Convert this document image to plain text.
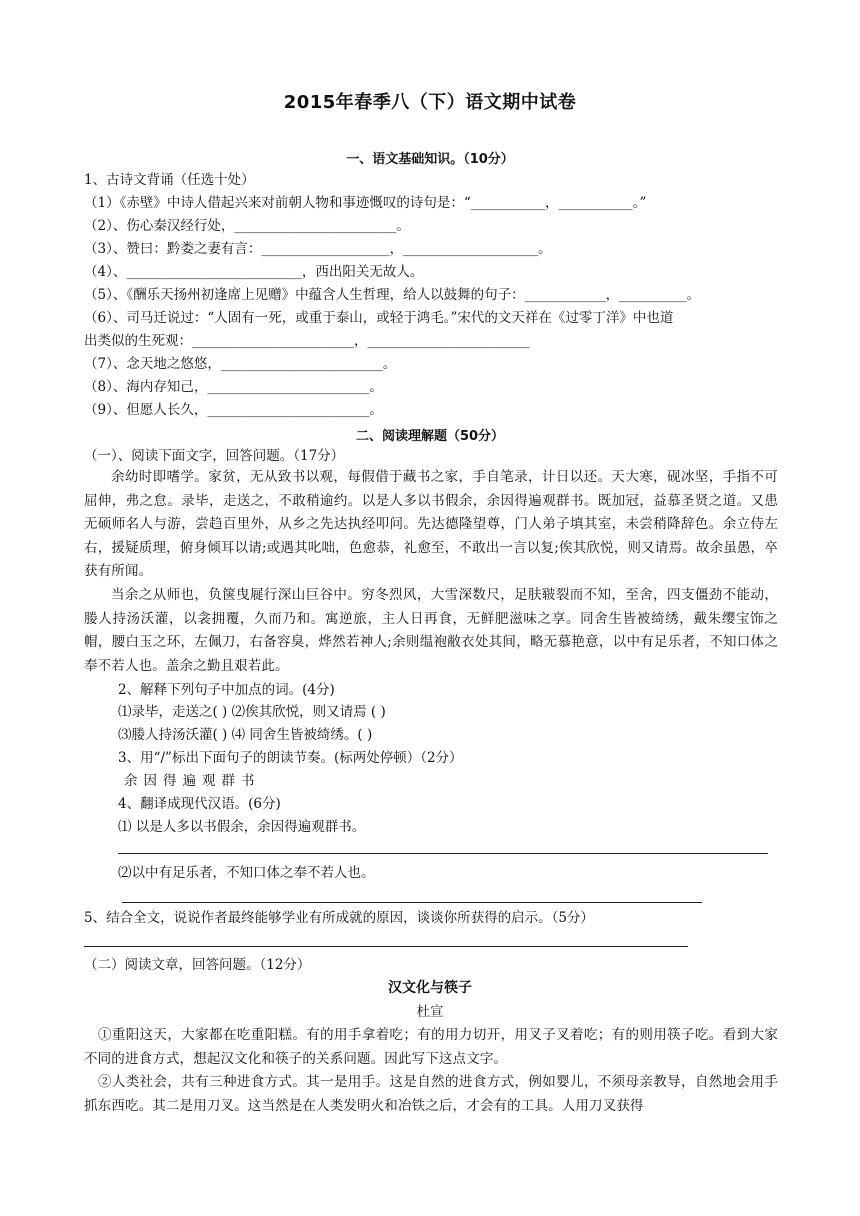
2015年春季八（下）语文期中试卷
一、语文基础知识。（10分）
1、古诗文背诵（任选十处）
（1）《赤壁》中诗人借起兴来对前朝人物和事迹慨叹的诗句是：“___________，___________。”
（2）、伤心秦汉经行处，________________________。
（3）、赞曰：黔娄之妻有言：___________________，____________________。
（4）、__________________________，西出阳关无故人。
（5）、《酬乐天扬州初逢席上见赠》中蕴含人生哲理，给人以鼓舞的句子：____________，__________。
（6）、司马迁说过：“人固有一死，或重于泰山，或轻于鸿毛。”宋代的文天祥在《过零丁洋》中也道
出类似的生死观：________________________，________________________
（7）、念天地之悠悠，________________________。
（8）、海内存知己，________________________。
（9）、但愿人长久，________________________。
二、阅读理解题（50分）
（一）、阅读下面文字，回答问题。（17分）
余幼时即嗜学。家贫，无从致书以观，每假借于藏书之家，手自笔录，计日以还。天大寒，砚冰坚，手指不可屈伸，弗之怠。录毕，走送之，不敢稍逾约。以是人多以书假余，余因得遍观群书。既加冠，益慕圣贤之道。又患无硕师名人与游，尝趋百里外，从乡之先达执经叩问。先达德隆望尊，门人弟子填其室，未尝稍降辞色。余立侍左右，援疑质理，俯身倾耳以请;或遇其叱咄，色愈恭，礼愈至，不敢出一言以复;俟其欣悦，则又请焉。故余虽愚，卒获有所闻。
当余之从师也，负箧曳屣行深山巨谷中。穷冬烈风，大雪深数尺，足肤皲裂而不知，至舍，四支僵劲不能动，媵人持汤沃灌，以衾拥覆，久而乃和。寓逆旅，主人日再食，无鲜肥滋味之享。同舍生皆被绮绣，戴朱缨宝饰之帽，腰白玉之环，左佩刀，右备容臭，烨然若神人;余则缊袍敝衣处其间，略无慕艳意，以中有足乐者，不知口体之奉不若人也。盖余之勤且艰若此。
2、解释下列句子中加点的词。(4分)
⑴录毕，走送之( ) ⑵俟其欣悦，则又请焉 ( )
⑶媵人持汤沃灌( ) ⑷ 同舍生皆被绮绣。( )
3、用“/”标出下面句子的朗读节奏。(标两处停顿）（2分）
余因得遍观群书
4、翻译成现代汉语。(6分)
⑴ 以是人多以书假余，余因得遍观群书。
⑵以中有足乐者，不知口体之奉不若人也。
5、结合全文，说说作者最终能够学业有所成就的原因，谈谈你所获得的启示。（5分）
（二）阅读文章，回答问题。（12分）
汉文化与筷子
杜宣
①重阳这天，大家都在吃重阳糕。有的用手拿着吃；有的用力切开，用叉子叉着吃；有的则用筷子吃。看到大家不同的进食方式，想起汉文化和筷子的关系问题。因此写下这点文字。
②人类社会，共有三种进食方式。其一是用手。这是自然的进食方式，例如婴儿，不须母亲教导，自然地会用手抓东西吃。其二是用刀叉。这当然是在人类发明火和冶铁之后，才会有的工具。人用刀叉获得
